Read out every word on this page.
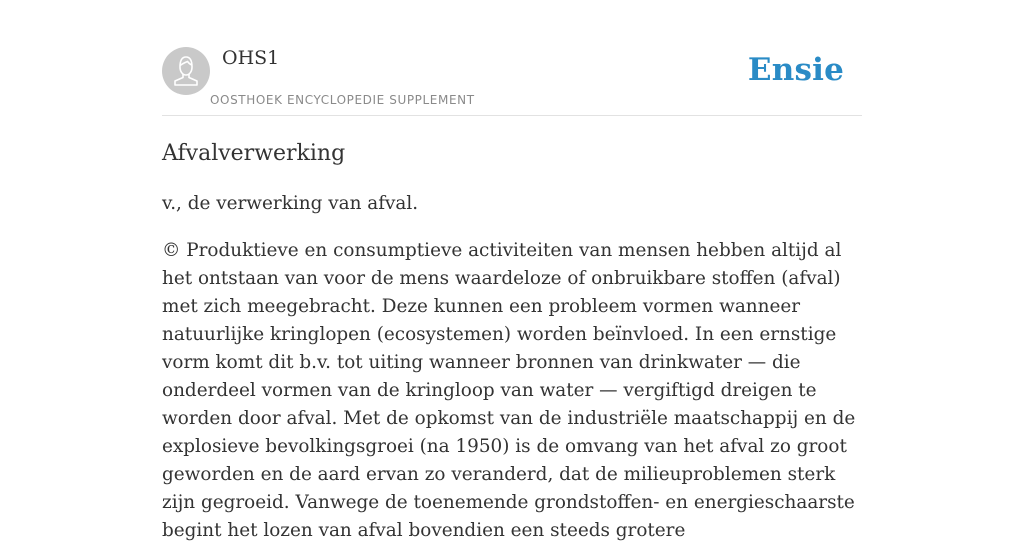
OHS1
OOSTHOEK ENCYCLOPEDIE SUPPLEMENT
Ensie
Afvalverwerking

v., de verwerking van afval.

© Produktieve en consumptieve activiteiten van mensen hebben altijd al het ontstaan van voor de mens waardeloze of onbruikbare stoffen (afval) met zich meegebracht. Deze kunnen een probleem vormen wanneer natuurlijke kringlopen (ecosystemen) worden beïnvloed. In een ernstige vorm komt dit b.v. tot uiting wanneer bronnen van drinkwater — die onderdeel vormen van de kringloop van water — vergiftigd dreigen te worden door afval. Met de opkomst van de industriële maatschappij en de explosieve bevolkingsgroei (na 1950) is de omvang van het afval zo groot geworden en de aard ervan zo veranderd, dat de milieuproblemen sterk zijn gegroeid. Vanwege de toenemende grondstoffen- en energieschaarste begint het lozen van afval bovendien een steeds grotere
